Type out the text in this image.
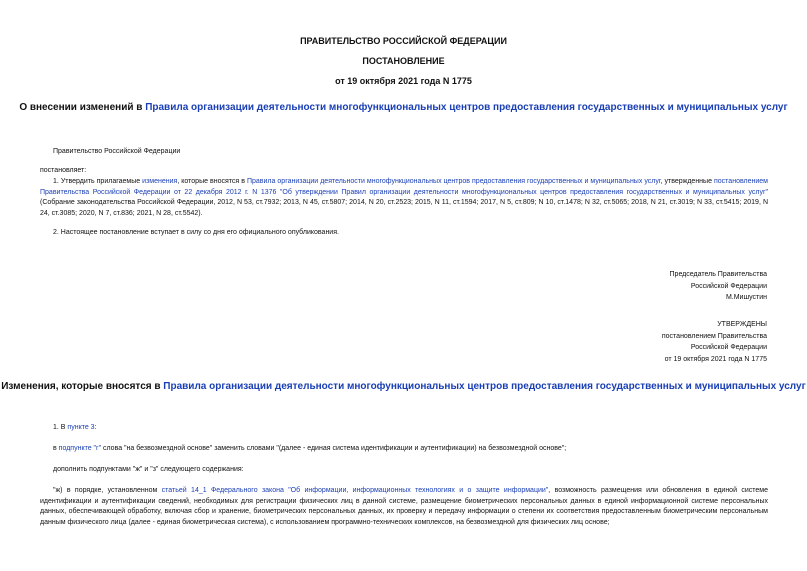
ПРАВИТЕЛЬСТВО РОССИЙСКОЙ ФЕДЕРАЦИИ
ПОСТАНОВЛЕНИЕ
от 19 октября 2021 года N 1775
О внесении изменений в Правила организации деятельности многофункциональных центров предоставления государственных и муниципальных услуг
Правительство Российской Федерации
постановляет:
1. Утвердить прилагаемые изменения, которые вносятся в Правила организации деятельности многофункциональных центров предоставления государственных и муниципальных услуг, утвержденные постановлением Правительства Российской Федерации от 22 декабря 2012 г. N 1376 "Об утверждении Правил организации деятельности многофункциональных центров предоставления государственных и муниципальных услуг" (Собрание законодательства Российской Федерации, 2012, N 53, ст.7932; 2013, N 45, ст.5807; 2014, N 20, ст.2523; 2015, N 11, ст.1594; 2017, N 5, ст.809; N 10, ст.1478; N 32, ст.5065; 2018, N 21, ст.3019; N 33, ст.5415; 2019, N 24, ст.3085; 2020, N 7, ст.836; 2021, N 28, ст.5542).
2. Настоящее постановление вступает в силу со дня его официального опубликования.
Председатель Правительства
Российской Федерации
М.Мишустин
УТВЕРЖДЕНЫ
постановлением Правительства
Российской Федерации
от 19 октября 2021 года N 1775
Изменения, которые вносятся в Правила организации деятельности многофункциональных центров предоставления государственных и муниципальных услуг
1. В пункте 3:
в подпункте "г" слова "на безвозмездной основе" заменить словами "(далее - единая система идентификации и аутентификации) на безвозмездной основе";
дополнить подпунктами "ж" и "з" следующего содержания:
"ж) в порядке, установленном статьей 14_1 Федерального закона "Об информации, информационных технологиях и о защите информации", возможность размещения или обновления в единой системе идентификации и аутентификации сведений, необходимых для регистрации физических лиц в данной системе, размещение биометрических персональных данных в единой информационной системе персональных данных, обеспечивающей обработку, включая сбор и хранение, биометрических персональных данных, их проверку и передачу информации о степени их соответствия предоставленным биометрическим персональным данным физического лица (далее - единая биометрическая система), с использованием программно-технических комплексов, на безвозмездной для физических лиц основе;
